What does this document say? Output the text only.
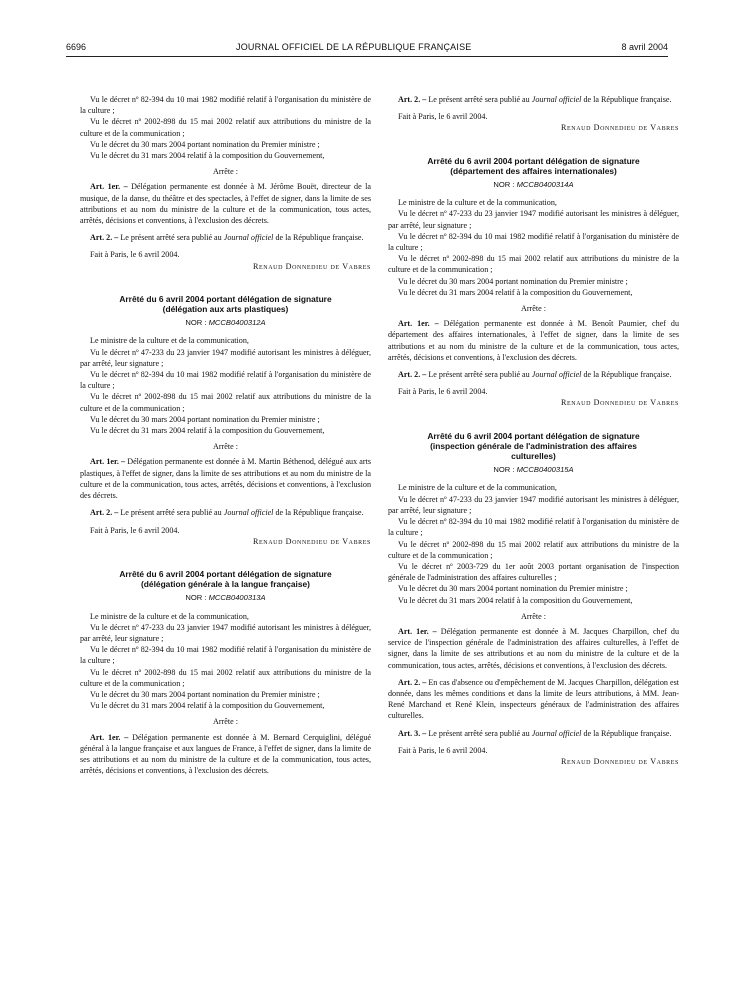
6696	JOURNAL OFFICIEL DE LA RÉPUBLIQUE FRANÇAISE	8 avril 2004

Vu le décret nº 82-394 du 10 mai 1982 modifié relatif à l'organisation du ministère de la culture ;

Vu le décret nº 2002-898 du 15 mai 2002 relatif aux attributions du ministre de la culture et de la communication ;

Vu le décret du 30 mars 2004 portant nomination du Premier ministre ;

Vu le décret du 31 mars 2004 relatif à la composition du Gouvernement,

Arrête :

Art. 1er. – Délégation permanente est donnée à M. Jérôme Bouët, directeur de la musique, de la danse, du théâtre et des spectacles, à l'effet de signer, dans la limite de ses attributions et au nom du ministre de la culture et de la communication, tous actes, arrêtés, décisions et conventions, à l'exclusion des décrets.

Art. 2. – Le présent arrêté sera publié au Journal officiel de la République française.

Fait à Paris, le 6 avril 2004.

Renaud Donnedieu de Vabres

Arrêté du 6 avril 2004 portant délégation de signature
(délégation aux arts plastiques)

NOR : MCCB0400312A

Le ministre de la culture et de la communication,

Vu le décret nº 47-233 du 23 janvier 1947 modifié autorisant les ministres à déléguer, par arrêté, leur signature ;

Vu le décret nº 82-394 du 10 mai 1982 modifié relatif à l'organisation du ministère de la culture ;

Vu le décret nº 2002-898 du 15 mai 2002 relatif aux attributions du ministre de la culture et de la communication ;

Vu le décret du 30 mars 2004 portant nomination du Premier ministre ;

Vu le décret du 31 mars 2004 relatif à la composition du Gouvernement,

Arrête :

Art. 1er. – Délégation permanente est donnée à M. Martin Béthenod, délégué aux arts plastiques, à l'effet de signer, dans la limite de ses attributions et au nom du ministre de la culture et de la communication, tous actes, arrêtés, décisions et conventions, à l'exclusion des décrets.

Art. 2. – Le présent arrêté sera publié au Journal officiel de la République française.

Fait à Paris, le 6 avril 2004.

Renaud Donnedieu de Vabres

Arrêté du 6 avril 2004 portant délégation de signature
(délégation générale à la langue française)

NOR : MCCB0400313A

Le ministre de la culture et de la communication,

Vu le décret nº 47-233 du 23 janvier 1947 modifié autorisant les ministres à déléguer, par arrêté, leur signature ;

Vu le décret nº 82-394 du 10 mai 1982 modifié relatif à l'organisation du ministère de la culture ;

Vu le décret nº 2002-898 du 15 mai 2002 relatif aux attributions du ministre de la culture et de la communication ;

Vu le décret du 30 mars 2004 portant nomination du Premier ministre ;

Vu le décret du 31 mars 2004 relatif à la composition du Gouvernement,

Arrête :

Art. 1er. – Délégation permanente est donnée à M. Bernard Cerquiglini, délégué général à la langue française et aux langues de France, à l'effet de signer, dans la limite de ses attributions et au nom du ministre de la culture et de la communication, tous actes, arrêtés, décisions et conventions, à l'exclusion des décrets.

Art. 2. – Le présent arrêté sera publié au Journal officiel de la République française.

Fait à Paris, le 6 avril 2004.

Renaud Donnedieu de Vabres

Arrêté du 6 avril 2004 portant délégation de signature
(département des affaires internationales)

NOR : MCCB0400314A

Le ministre de la culture et de la communication,

Vu le décret nº 47-233 du 23 janvier 1947 modifié autorisant les ministres à déléguer, par arrêté, leur signature ;

Vu le décret nº 82-394 du 10 mai 1982 modifié relatif à l'organisation du ministère de la culture ;

Vu le décret nº 2002-898 du 15 mai 2002 relatif aux attributions du ministre de la culture et de la communication ;

Vu le décret du 30 mars 2004 portant nomination du Premier ministre ;

Vu le décret du 31 mars 2004 relatif à la composition du Gouvernement,

Arrête :

Art. 1er. – Délégation permanente est donnée à M. Benoît Paumier, chef du département des affaires internationales, à l'effet de signer, dans la limite de ses attributions et au nom du ministre de la culture et de la communication, tous actes, arrêtés, décisions et conventions, à l'exclusion des décrets.

Art. 2. – Le présent arrêté sera publié au Journal officiel de la République française.

Fait à Paris, le 6 avril 2004.

Renaud Donnedieu de Vabres

Arrêté du 6 avril 2004 portant délégation de signature
(inspection générale de l'administration des affaires
culturelles)

NOR : MCCB0400315A

Le ministre de la culture et de la communication,

Vu le décret nº 47-233 du 23 janvier 1947 modifié autorisant les ministres à déléguer, par arrêté, leur signature ;

Vu le décret nº 82-394 du 10 mai 1982 modifié relatif à l'organisation du ministère de la culture ;

Vu le décret nº 2002-898 du 15 mai 2002 relatif aux attributions du ministre de la culture et de la communication ;

Vu le décret nº 2003-729 du 1er août 2003 portant organisation de l'inspection générale de l'administration des affaires culturelles ;

Vu le décret du 30 mars 2004 portant nomination du Premier ministre ;

Vu le décret du 31 mars 2004 relatif à la composition du Gouvernement,

Arrête :

Art. 1er. – Délégation permanente est donnée à M. Jacques Charpillon, chef du service de l'inspection générale de l'administration des affaires culturelles, à l'effet de signer, dans la limite de ses attributions et au nom du ministre de la culture et de la communication, tous actes, arrêtés, décisions et conventions, à l'exclusion des décrets.

Art. 2. – En cas d'absence ou d'empêchement de M. Jacques Charpillon, délégation est donnée, dans les mêmes conditions et dans la limite de leurs attributions, à MM. Jean-René Marchand et René Klein, inspecteurs généraux de l'administration des affaires culturelles.

Art. 3. – Le présent arrêté sera publié au Journal officiel de la République française.

Fait à Paris, le 6 avril 2004.

Renaud Donnedieu de Vabres
